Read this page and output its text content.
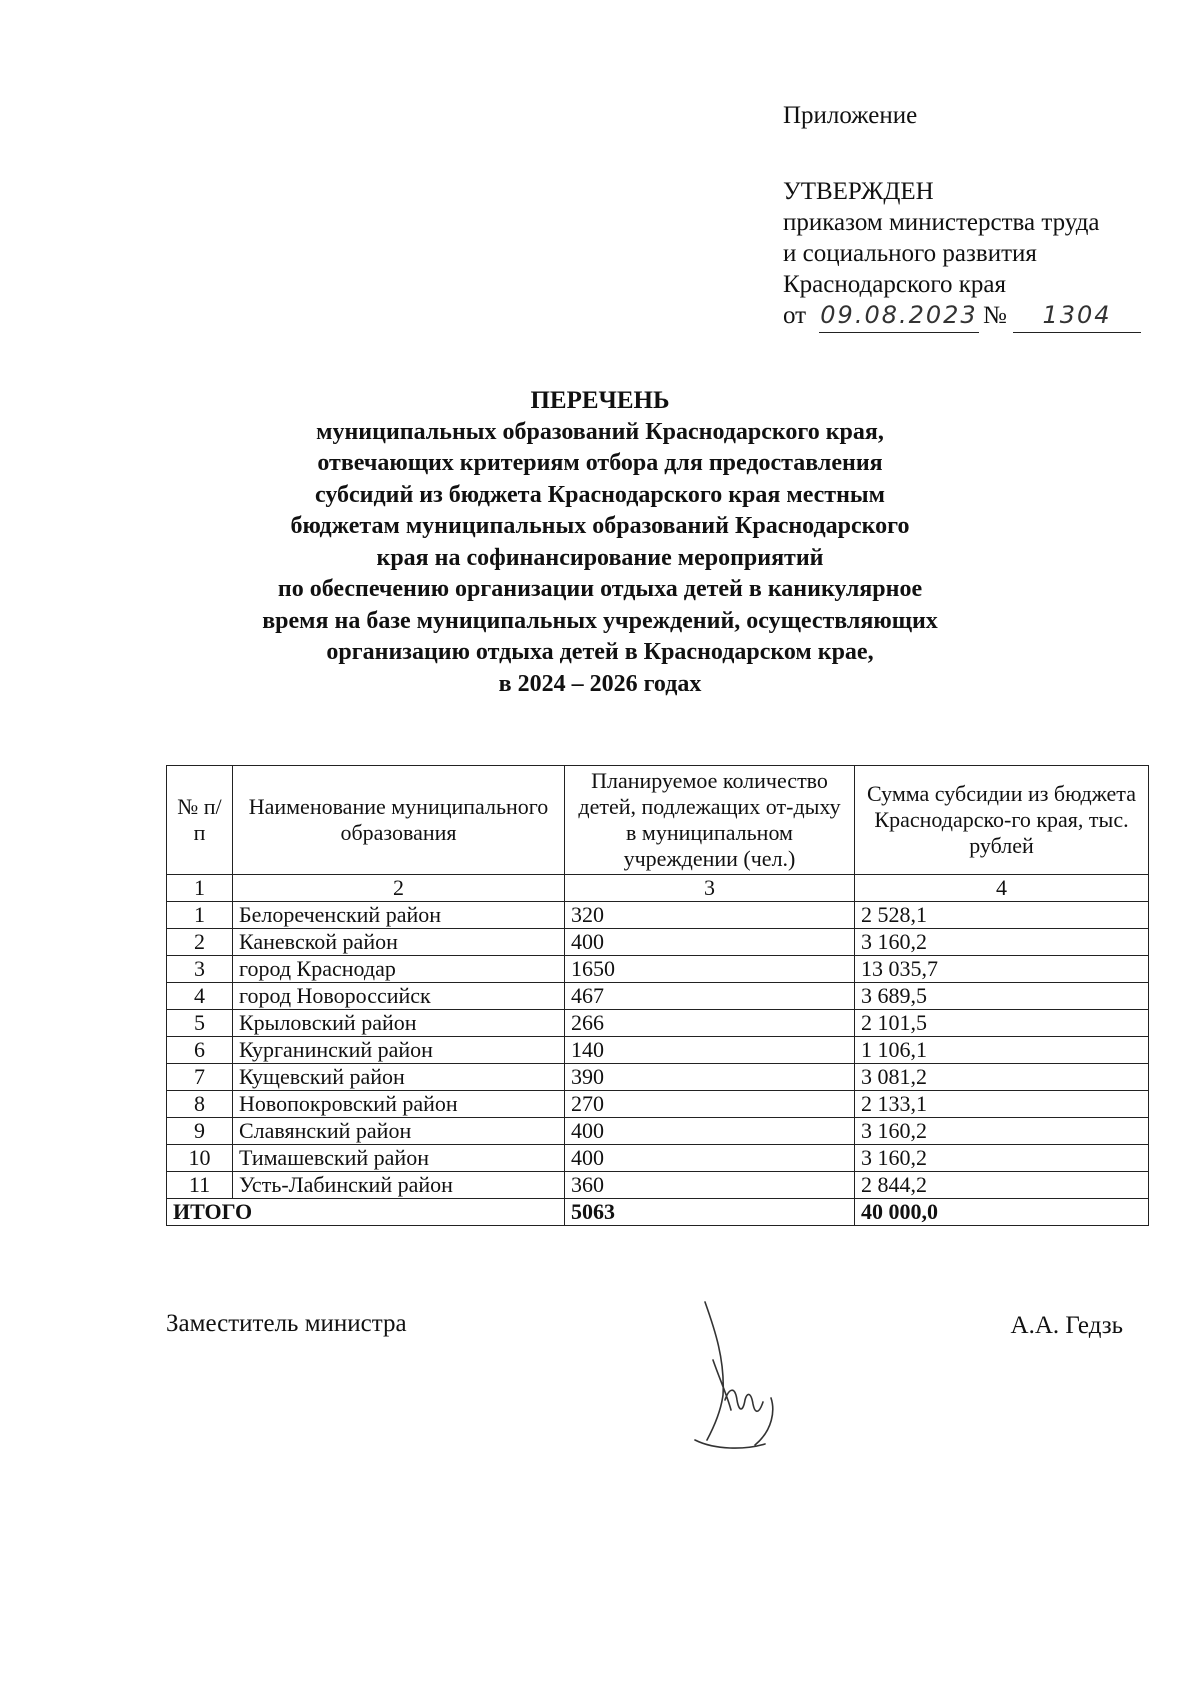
Приложение
УТВЕРЖДЕН
приказом министерства труда
и социального развития
Краснодарского края
от 09.08.2023 №	1304
ПЕРЕЧЕНЬ
муниципальных образований Краснодарского края,
отвечающих критериям отбора для предоставления
субсидий из бюджета Краснодарского края местным
бюджетам муниципальных образований Краснодарского
края на софинансирование мероприятий
по обеспечению организации отдыха детей в каникулярное
время на базе муниципальных учреждений, осуществляющих
организацию отдыха детей в Краснодарском крае,
в 2024 – 2026 годах
№ п/п	Наименование муниципального образования	Планируемое количество детей, подлежащих от-дыху в муниципальном учреждении (чел.)	Сумма субсидии из бюджета Краснодарско-го края, тыс. рублей
1	2	3	4
1	Белореченский район	320	2 528,1
2	Каневской район	400	3 160,2
3	город Краснодар	1650	13 035,7
4	город Новороссийск	467	3 689,5
5	Крыловский район	266	2 101,5
6	Курганинский район	140	1 106,1
7	Кущевский район	390	3 081,2
8	Новопокровский район	270	2 133,1
9	Славянский район	400	3 160,2
10	Тимашевский район	400	3 160,2
11	Усть-Лабинский район	360	2 844,2
ИТОГО		5063	40 000,0
Заместитель министра	А.А. Гедзь
